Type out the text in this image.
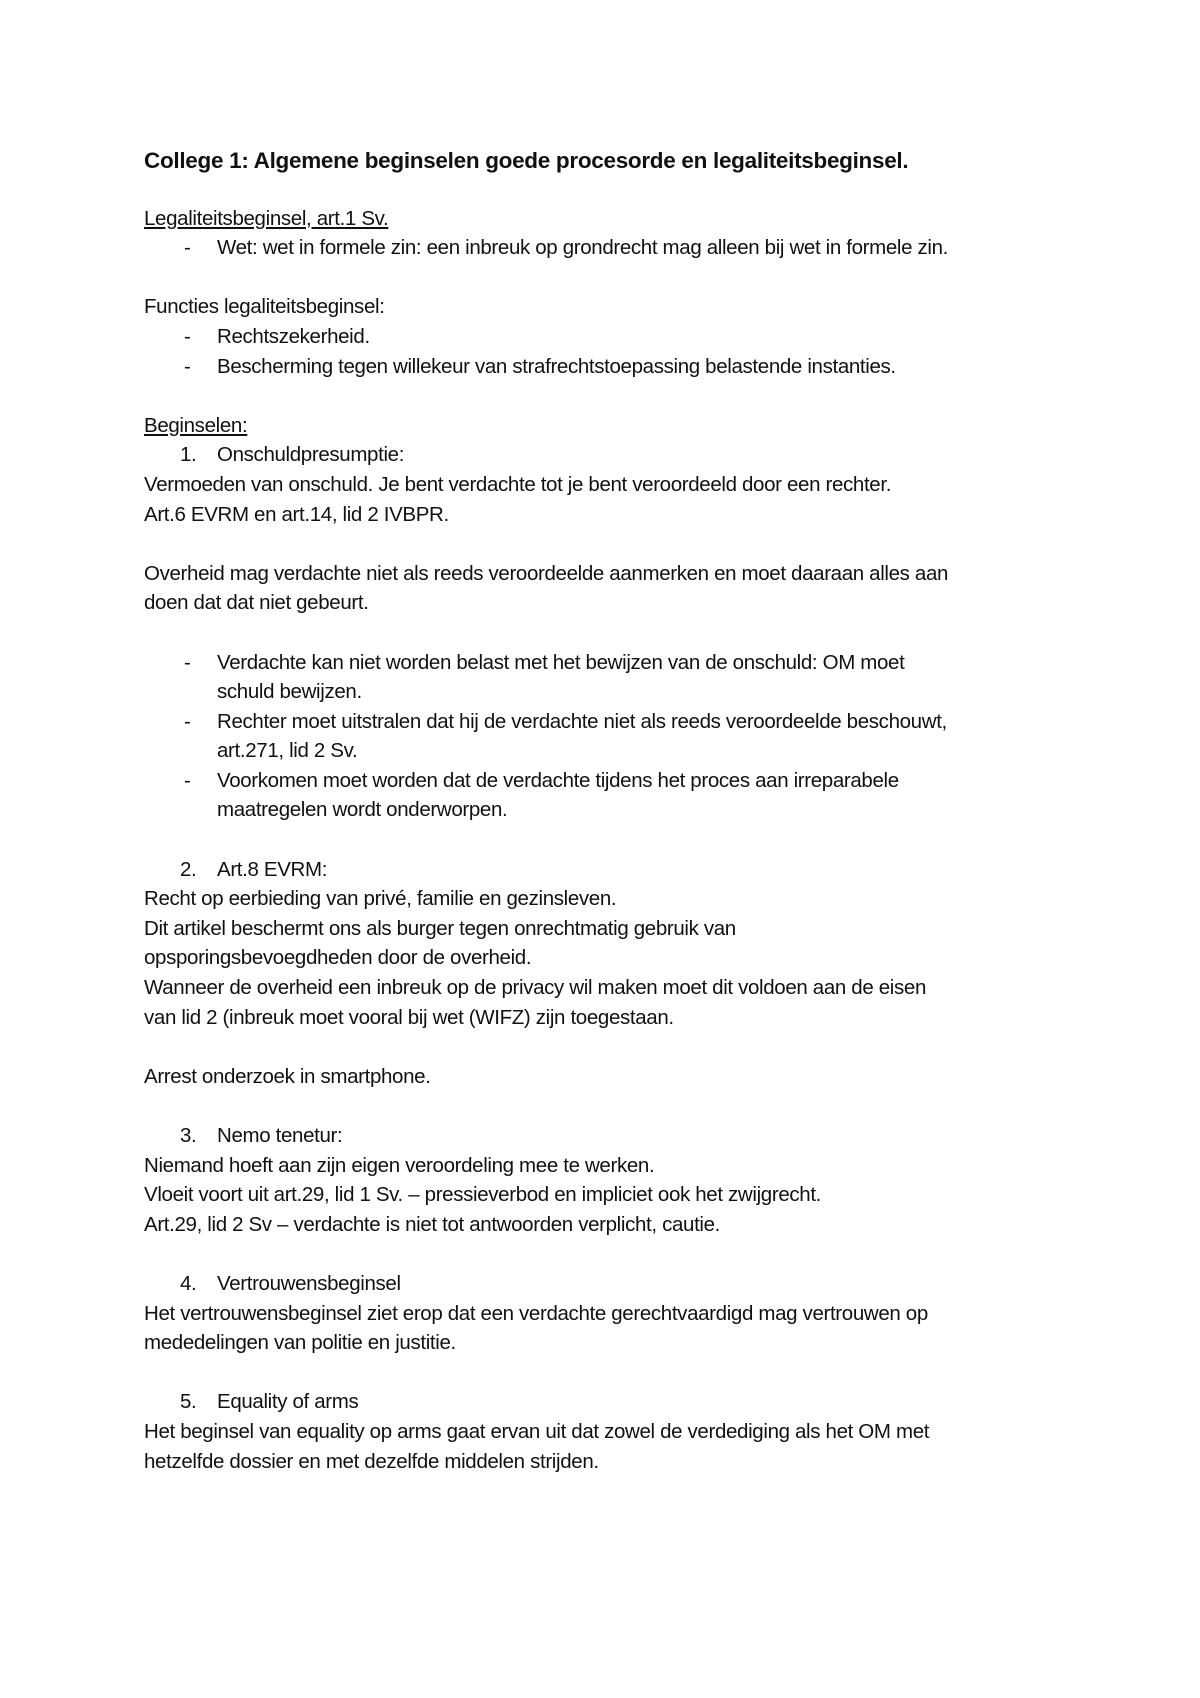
College 1: Algemene beginselen goede procesorde en legaliteitsbeginsel.

Legaliteitsbeginsel, art.1 Sv.

- Wet: wet in formele zin: een inbreuk op grondrecht mag alleen bij wet in formele zin.

Functies legaliteitsbeginsel:

- Rechtszekerheid.

- Bescherming tegen willekeur van strafrechtstoepassing belastende instanties.

Beginselen:

1. Onschuldpresumptie:

Vermoeden van onschuld. Je bent verdachte tot je bent veroordeeld door een rechter.

Art.6 EVRM en art.14, lid 2 IVBPR.

Overheid mag verdachte niet als reeds veroordeelde aanmerken en moet daaraan alles aan

doen dat dat niet gebeurt.

- Verdachte kan niet worden belast met het bewijzen van de onschuld: OM moet

schuld bewijzen.

- Rechter moet uitstralen dat hij de verdachte niet als reeds veroordeelde beschouwt,

art.271, lid 2 Sv.

- Voorkomen moet worden dat de verdachte tijdens het proces aan irreparabele

maatregelen wordt onderworpen.

2. Art.8 EVRM:

Recht op eerbieding van privé, familie en gezinsleven.

Dit artikel beschermt ons als burger tegen onrechtmatig gebruik van

opsporingsbevoegdheden door de overheid.

Wanneer de overheid een inbreuk op de privacy wil maken moet dit voldoen aan de eisen

van lid 2 (inbreuk moet vooral bij wet (WIFZ) zijn toegestaan.

Arrest onderzoek in smartphone.

3. Nemo tenetur:

Niemand hoeft aan zijn eigen veroordeling mee te werken.

Vloeit voort uit art.29, lid 1 Sv. – pressieverbod en impliciet ook het zwijgrecht.

Art.29, lid 2 Sv – verdachte is niet tot antwoorden verplicht, cautie.

4. Vertrouwensbeginsel

Het vertrouwensbeginsel ziet erop dat een verdachte gerechtvaardigd mag vertrouwen op

mededelingen van politie en justitie.

5. Equality of arms

Het beginsel van equality op arms gaat ervan uit dat zowel de verdediging als het OM met

hetzelfde dossier en met dezelfde middelen strijden.
